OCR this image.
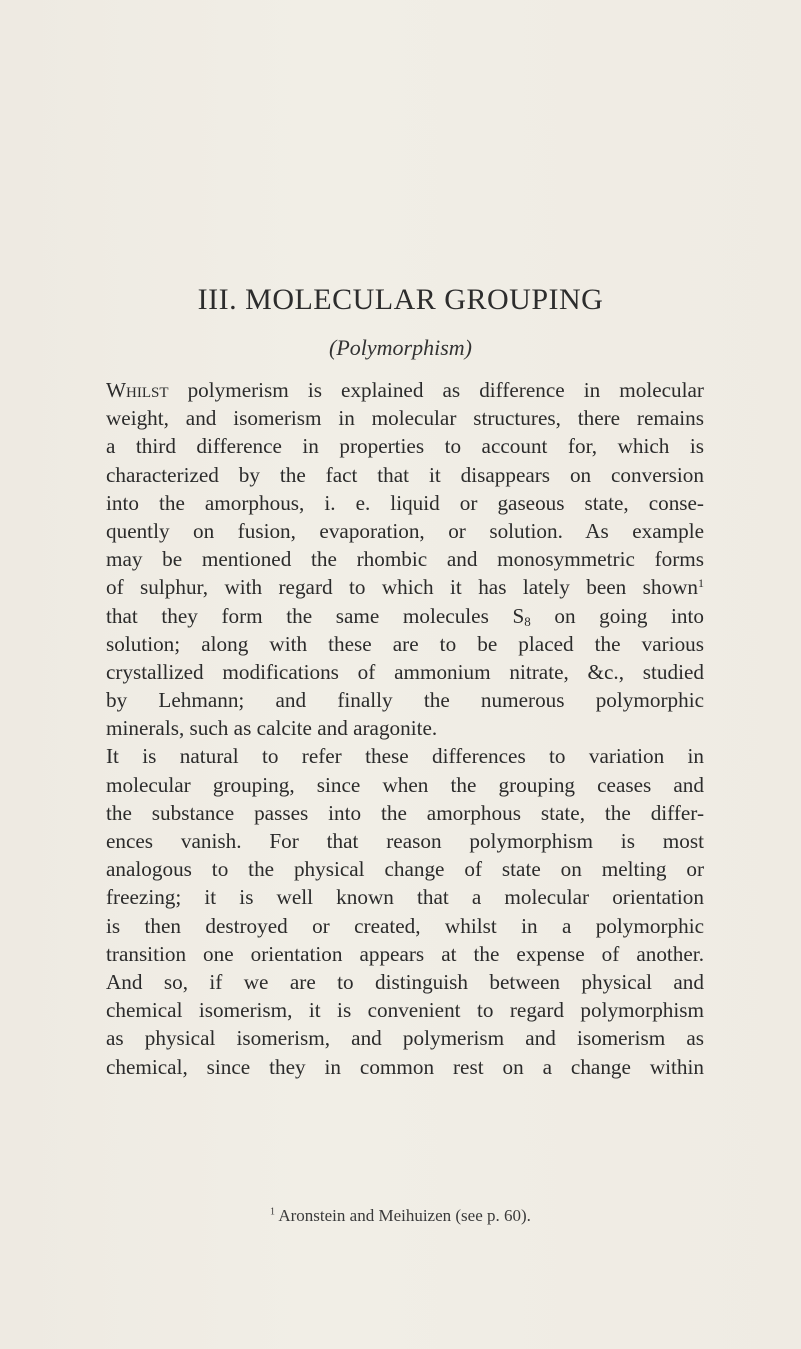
III. MOLECULAR GROUPING
(Polymorphism)
Whilst polymerism is explained as difference in molecular
weight, and isomerism in molecular structures, there remains
a third difference in properties to account for, which is
characterized by the fact that it disappears on conversion
into the amorphous, i. e. liquid or gaseous state, conse-
quently on fusion, evaporation, or solution. As example
may be mentioned the rhombic and monosymmetric forms
of sulphur, with regard to which it has lately been shown$^1$
that they form the same molecules $S_8$ on going into
solution; along with these are to be placed the various
crystallized modifications of ammonium nitrate, &c., studied
by Lehmann; and finally the numerous polymorphic
minerals, such as calcite and aragonite.
It is natural to refer these differences to variation in
molecular grouping, since when the grouping ceases and
the substance passes into the amorphous state, the differ-
ences vanish. For that reason polymorphism is most
analogous to the physical change of state on melting or
freezing; it is well known that a molecular orientation
is then destroyed or created, whilst in a polymorphic
transition one orientation appears at the expense of another.
And so, if we are to distinguish between physical and
chemical isomerism, it is convenient to regard polymorphism
as physical isomerism, and polymerism and isomerism as
chemical, since they in common rest on a change within
$^1$ Aronstein and Meihuizen (see p. 60).
